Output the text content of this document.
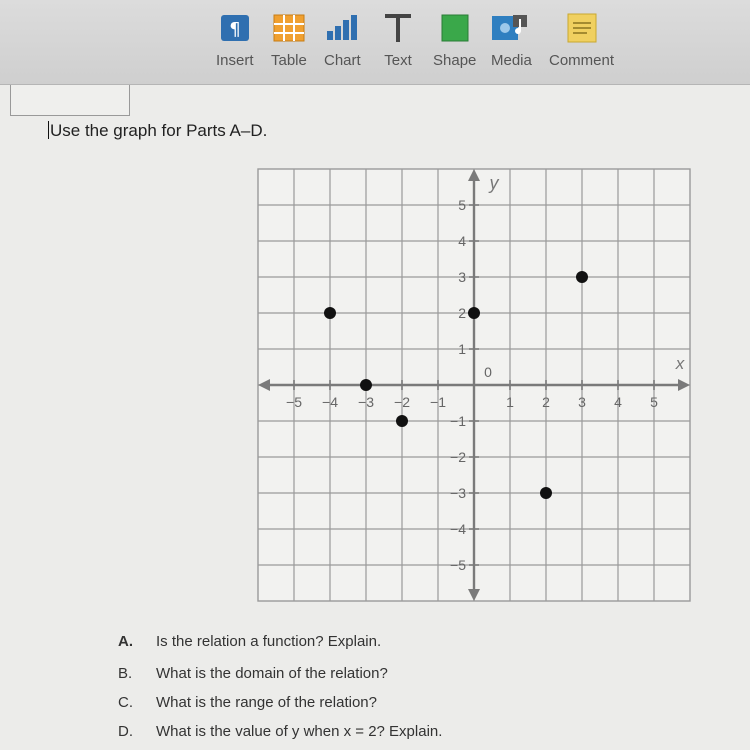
¶
Insert Table Chart Text Shape Media Comment
Use the graph for Parts A–D.
−5 −4 −3 −2 −1	1 2 3 4 5
5
4
3
2
1
−1
−2
−3
−4
−5
0	x
y
A. Is the relation a function? Explain.
B. What is the domain of the relation?
C. What is the range of the relation?
D. What is the value of y when x = 2? Explain.
